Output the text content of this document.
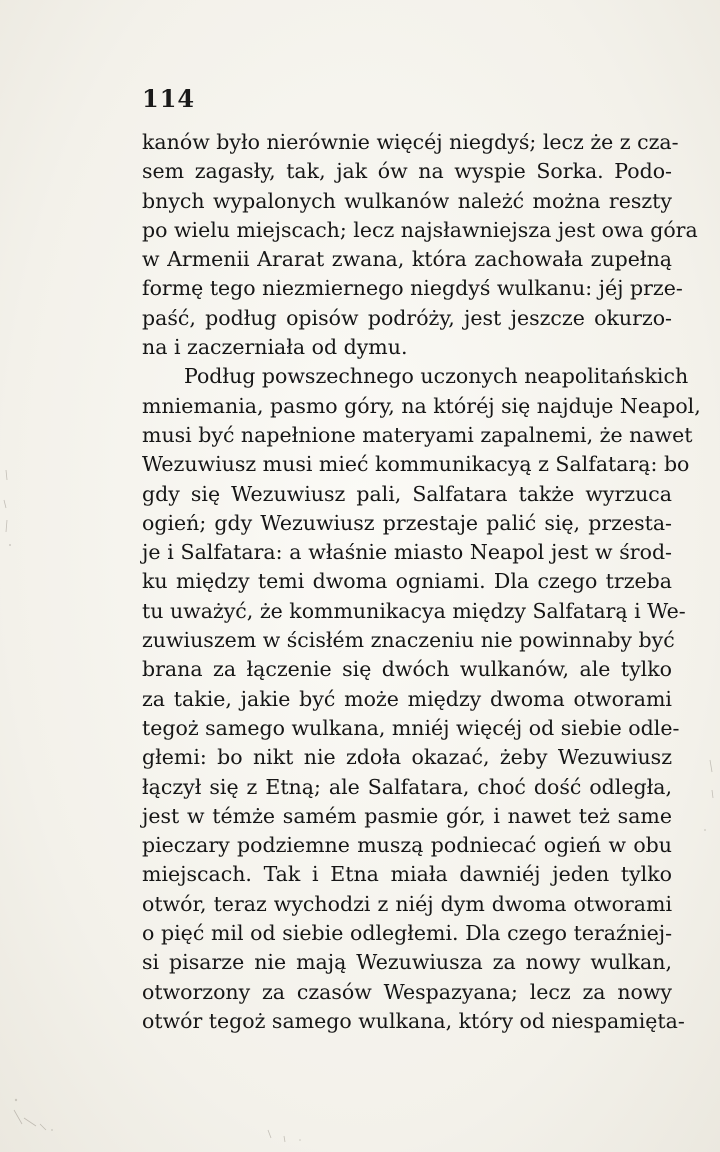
114
kanów było nierównie więcéj niegdyś; lecz że z cza-
sem zagasły, tak, jak ów na wyspie Sorka. Podo-
bnych wypalonych wulkanów należć można reszty
po wielu miejscach; lecz najsławniejsza jest owa góra
w Armenii Ararat zwana, która zachowała zupełną
formę tego niezmiernego niegdyś wulkanu: jéj prze-
paść, podług opisów podróży, jest jeszcze okurzo-
na i zaczerniała od dymu.
Podług powszechnego uczonych neapolitańskich
mniemania, pasmo góry, na któréj się najduje Neapol,
musi być napełnione materyami zapalnemi, że nawet
Wezuwiusz musi mieć kommunikacyą z Salfatarą: bo
gdy się Wezuwiusz pali, Salfatara także wyrzuca
ogień; gdy Wezuwiusz przestaje palić się, przesta-
je i Salfatara: a właśnie miasto Neapol jest w środ-
ku między temi dwoma ogniami. Dla czego trzeba
tu uważyć, że kommunikacya między Salfatarą i We-
zuwiuszem w ścisłém znaczeniu nie powinnaby być
brana za łączenie się dwóch wulkanów, ale tylko
za takie, jakie być może między dwoma otworami
tegoż samego wulkana, mniéj więcéj od siebie odle-
głemi: bo nikt nie zdoła okazać, żeby Wezuwiusz
łączył się z Etną; ale Salfatara, choć dość odległa,
jest w témże samém pasmie gór, i nawet też same
pieczary podziemne muszą podniecać ogień w obu
miejscach. Tak i Etna miała dawniéj jeden tylko
otwór, teraz wychodzi z niéj dym dwoma otworami
o pięć mil od siebie odległemi. Dla czego teraźniej-
si pisarze nie mają Wezuwiusza za nowy wulkan,
otworzony za czasów Wespazyana; lecz za nowy
otwór tegoż samego wulkana, który od niespamięta-
